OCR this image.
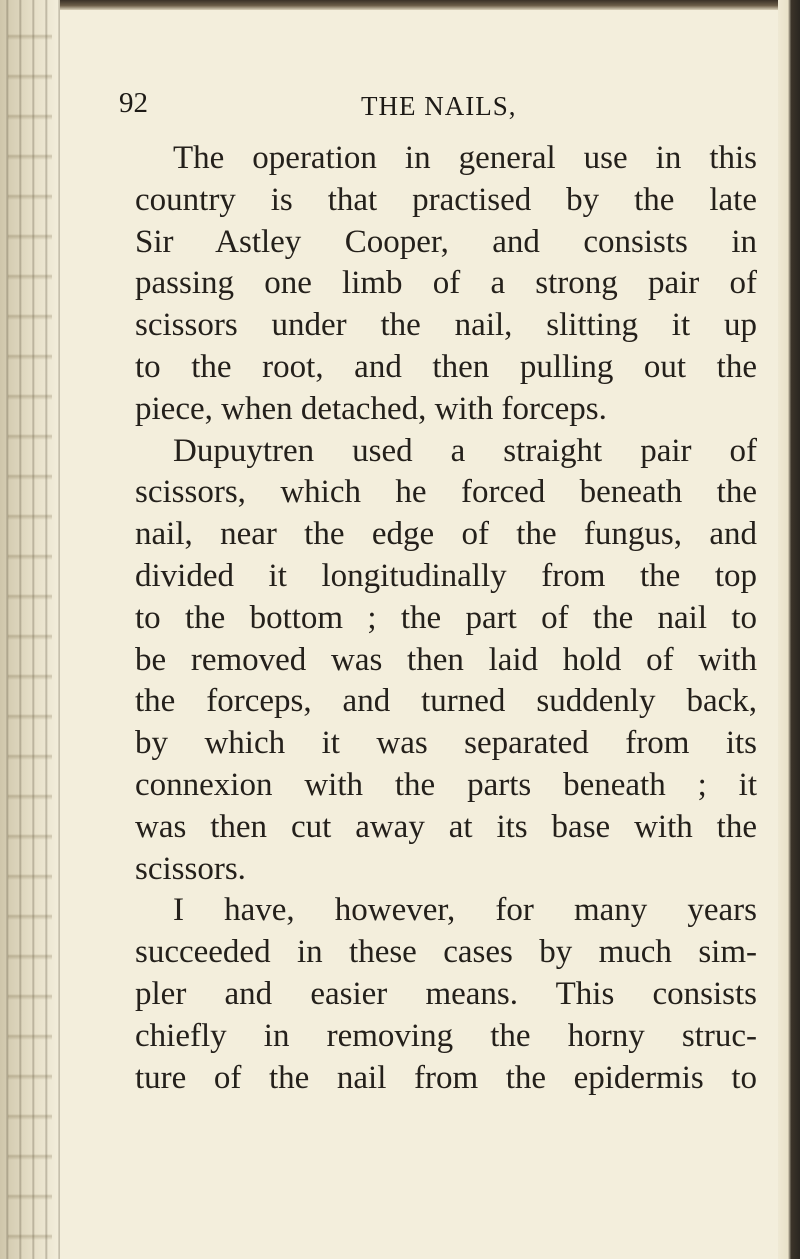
92	THE NAILS,
The operation in general use in this
country is that practised by the late
Sir Astley Cooper, and consists in
passing one limb of a strong pair of
scissors under the nail, slitting it up
to the root, and then pulling out the
piece, when detached, with forceps.
Dupuytren used a straight pair of
scissors, which he forced beneath the
nail, near the edge of the fungus, and
divided it longitudinally from the top
to the bottom ; the part of the nail to
be removed was then laid hold of with
the forceps, and turned suddenly back,
by which it was separated from its
connexion with the parts beneath ; it
was then cut away at its base with the
scissors.
I have, however, for many years
succeeded in these cases by much sim-
pler and easier means. This consists
chiefly in removing the horny struc-
ture of the nail from the epidermis to
